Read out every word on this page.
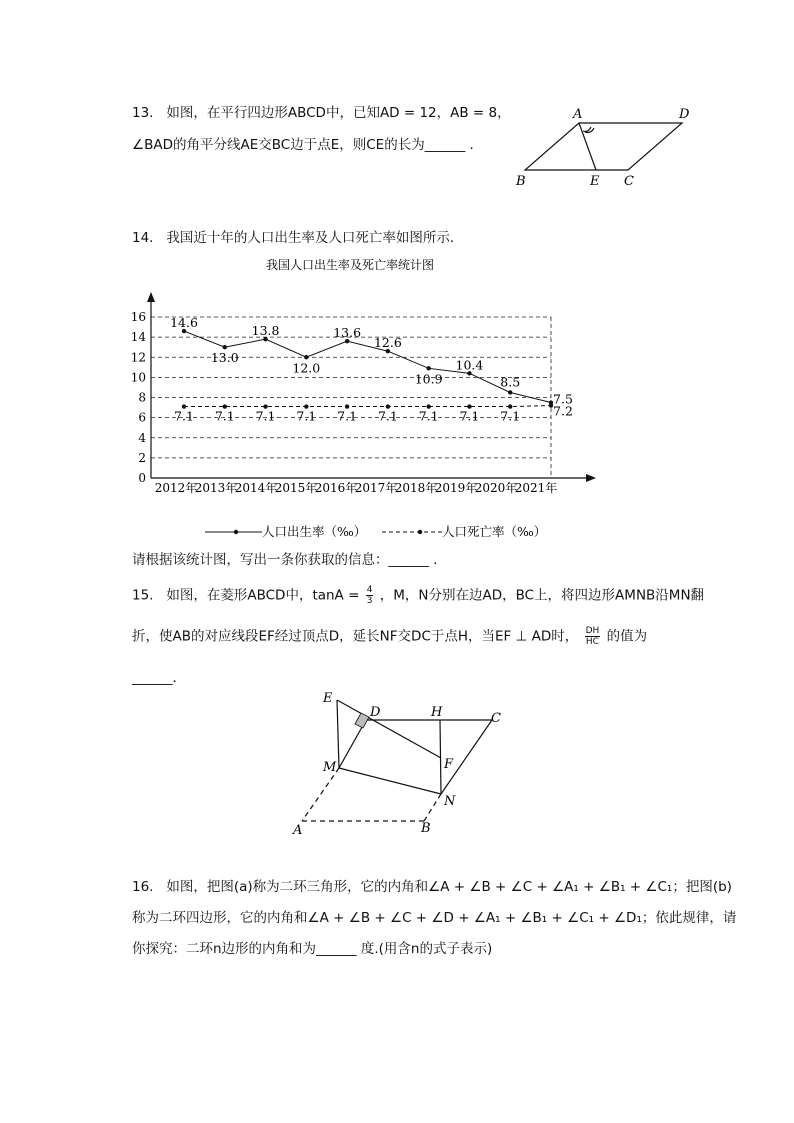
13. 如图，在平行四边形ABCD中，已知AD = 12，AB = 8，
∠BAD的角平分线AE交BC边于点E，则CE的长为______ ．
A	D
B	E C
14. 我国近十年的人口出生率及人口死亡率如图所示．
我国人口出生率及死亡率统计图
0
2
4
6
8
10
12
14
16
2012年
2013年
2014年
2015年
2016年
2017年
2018年
2019年
2020年
2021年
14.6
13.0
13.8
12.0
13.6
12.6
10.9
10.4
8.5
7.5
7.1 7.1 7.1 7.1 7.1 7.1 7.1 7.1 7.1	7.2
人口出生率（‰）	人口死亡率（‰）
请根据该统计图，写出一条你获取的信息：______ ．
15. 如图，在菱形ABCD中，$\tan A = \frac{4}{3}$ ，M，N分别在边AD，BC上，将四边形AMNB沿MN翻
折，使AB的对应线段EF经过顶点D，延长NF交DC于点H，当EF ⊥ AD时， $\frac{DH}{HC}$ 的值为
______．
E
D	H	C
M	F
N
A	B
16. 如图，把图(a)称为二环三角形，它的内角和∠A + ∠B + ∠C + ∠A₁ + ∠B₁ + ∠C₁；把图(b)
称为二环四边形，它的内角和∠A + ∠B + ∠C + ∠D + ∠A₁ + ∠B₁ + ∠C₁ + ∠D₁；依此规律，请
你探究：二环n边形的内角和为______ 度.(用含n的式子表示)
